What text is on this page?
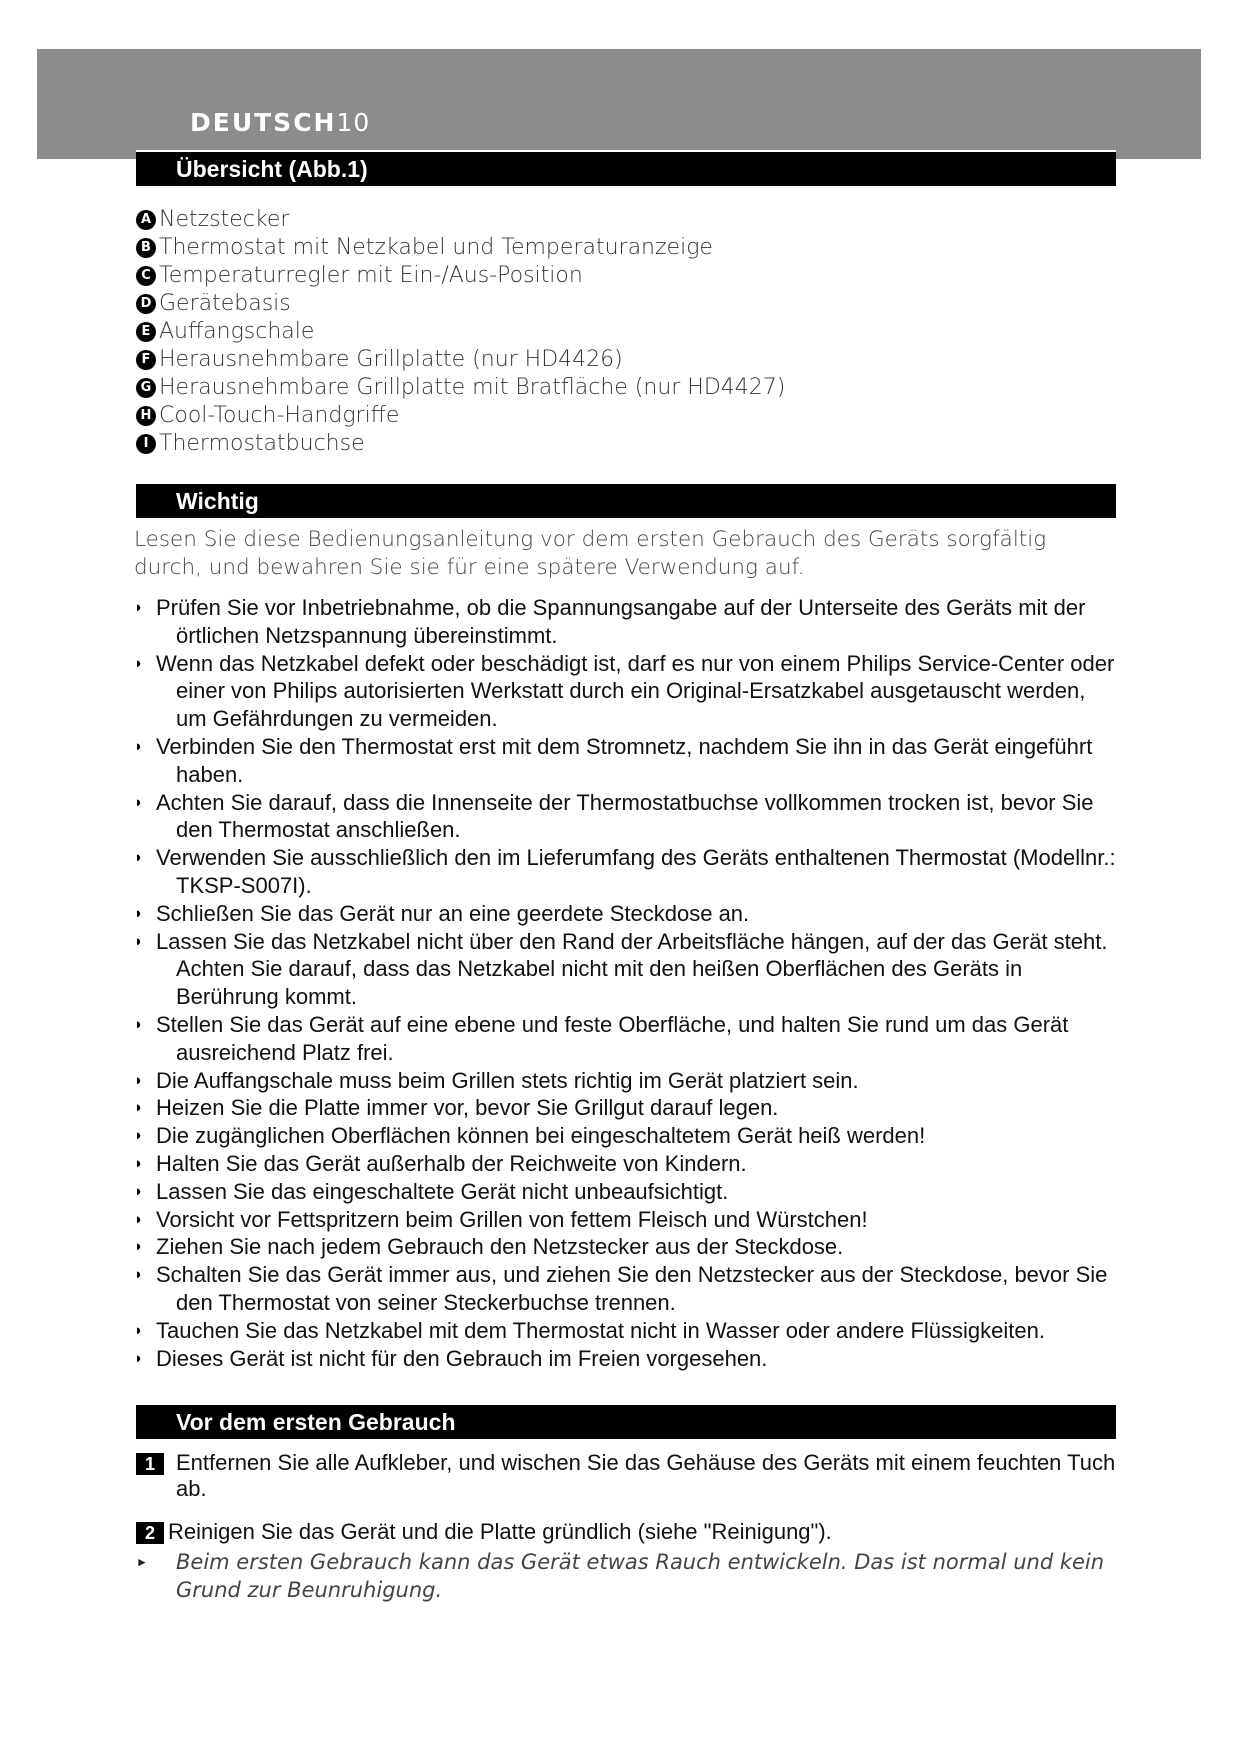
DEUTSCH10
Übersicht (Abb.1)
A Netzstecker
B Thermostat mit Netzkabel und Temperaturanzeige
C Temperaturregler mit Ein-/Aus-Position
D Gerätebasis
E Auffangschale
F Herausnehmbare Grillplatte (nur HD4426)
G Herausnehmbare Grillplatte mit Bratfläche (nur HD4427)
H Cool-Touch-Handgriffe
I Thermostatbuchse
Wichtig

Lesen Sie diese Bedienungsanleitung vor dem ersten Gebrauch des Geräts sorgfältig durch, und bewahren Sie sie für eine spätere Verwendung auf.

◗ Prüfen Sie vor Inbetriebnahme, ob die Spannungsangabe auf der Unterseite des Geräts mit der örtlichen Netzspannung übereinstimmt.
◗ Wenn das Netzkabel defekt oder beschädigt ist, darf es nur von einem Philips Service-Center oder einer von Philips autorisierten Werkstatt durch ein Original-Ersatzkabel ausgetauscht werden, um Gefährdungen zu vermeiden.
◗ Verbinden Sie den Thermostat erst mit dem Stromnetz, nachdem Sie ihn in das Gerät eingeführt haben.
◗ Achten Sie darauf, dass die Innenseite der Thermostatbuchse vollkommen trocken ist, bevor Sie den Thermostat anschließen.
◗ Verwenden Sie ausschließlich den im Lieferumfang des Geräts enthaltenen Thermostat (Modellnr.: TKSP-S007I).
◗ Schließen Sie das Gerät nur an eine geerdete Steckdose an.
◗ Lassen Sie das Netzkabel nicht über den Rand der Arbeitsfläche hängen, auf der das Gerät steht. Achten Sie darauf, dass das Netzkabel nicht mit den heißen Oberflächen des Geräts in Berührung kommt.
◗ Stellen Sie das Gerät auf eine ebene und feste Oberfläche, und halten Sie rund um das Gerät ausreichend Platz frei.
◗ Die Auffangschale muss beim Grillen stets richtig im Gerät platziert sein.
◗ Heizen Sie die Platte immer vor, bevor Sie Grillgut darauf legen.
◗ Die zugänglichen Oberflächen können bei eingeschaltetem Gerät heiß werden!
◗ Halten Sie das Gerät außerhalb der Reichweite von Kindern.
◗ Lassen Sie das eingeschaltete Gerät nicht unbeaufsichtigt.
◗ Vorsicht vor Fettspritzern beim Grillen von fettem Fleisch und Würstchen!
◗ Ziehen Sie nach jedem Gebrauch den Netzstecker aus der Steckdose.
◗ Schalten Sie das Gerät immer aus, und ziehen Sie den Netzstecker aus der Steckdose, bevor Sie den Thermostat von seiner Steckerbuchse trennen.
◗ Tauchen Sie das Netzkabel mit dem Thermostat nicht in Wasser oder andere Flüssigkeiten.
◗ Dieses Gerät ist nicht für den Gebrauch im Freien vorgesehen.
Vor dem ersten Gebrauch
1 Entfernen Sie alle Aufkleber, und wischen Sie das Gehäuse des Geräts mit einem feuchten Tuch ab.
2 Reinigen Sie das Gerät und die Platte gründlich (siehe "Reinigung").
►	Beim ersten Gebrauch kann das Gerät etwas Rauch entwickeln. Das ist normal und kein Grund zur Beunruhigung.
